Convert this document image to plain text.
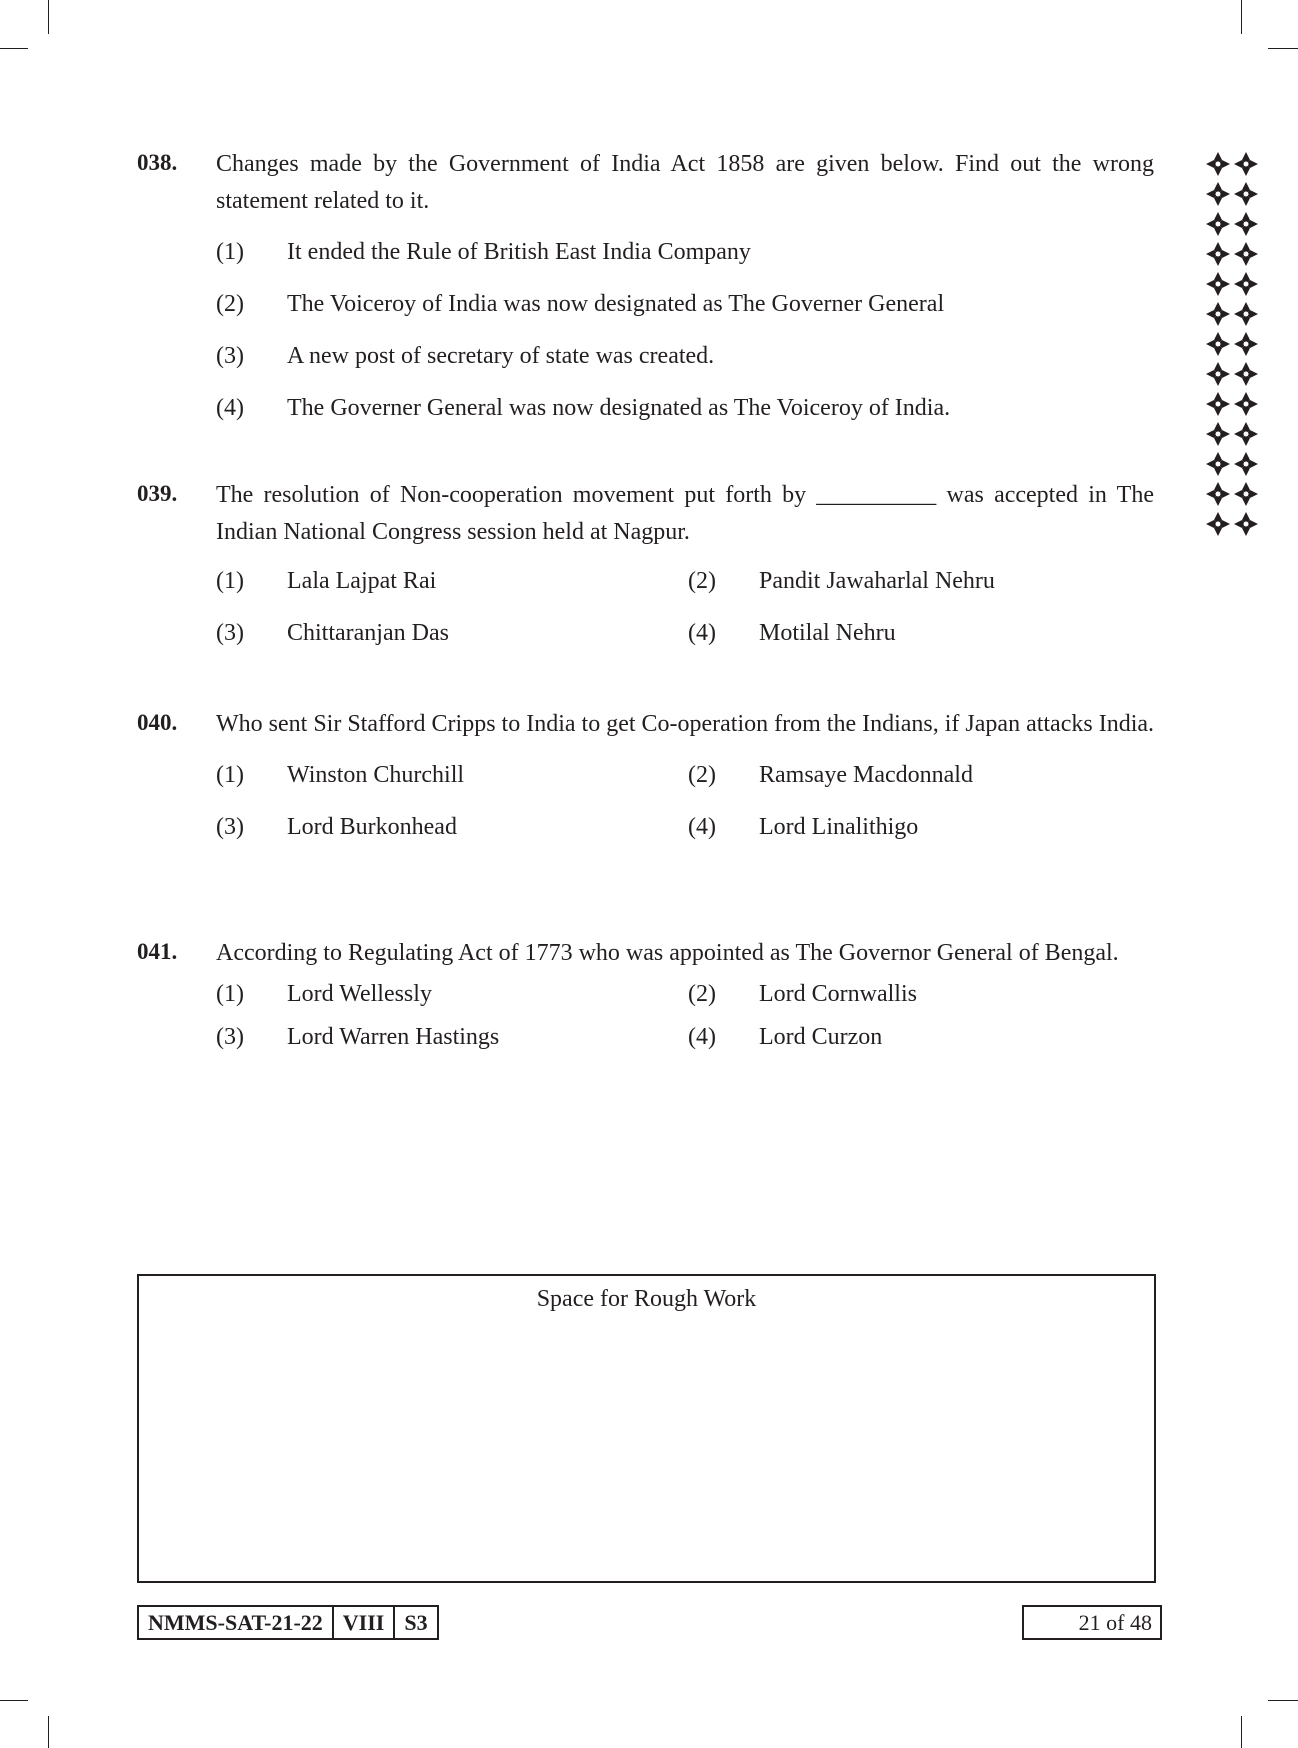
038. Changes made by the Government of India Act 1858 are given below. Find out the wrong statement related to it.
(1) It ended the Rule of British East India Company
(2) The Voiceroy of India was now designated as The Governer General
(3) A new post of secretary of state was created.
(4) The Governer General was now designated as The Voiceroy of India.
039. The resolution of Non-cooperation movement put forth by __________ was accepted in The Indian National Congress session held at Nagpur.
(1) Lala Lajpat Rai	(2) Pandit Jawaharlal Nehru
(3) Chittaranjan Das	(4) Motilal Nehru
040. Who sent Sir Stafford Cripps to India to get Co-operation from the Indians, if Japan attacks India.
(1) Winston Churchill	(2) Ramsaye Macdonnald
(3) Lord Burkonhead	(4) Lord Linalithigo
041. According to Regulating Act of 1773 who was appointed as The Governor General of Bengal.
(1) Lord Wellessly	(2) Lord Cornwallis
(3) Lord Warren Hastings	(4) Lord Curzon
Space for Rough Work
NMMS-SAT-21-22 VIII S3	21 of 48
